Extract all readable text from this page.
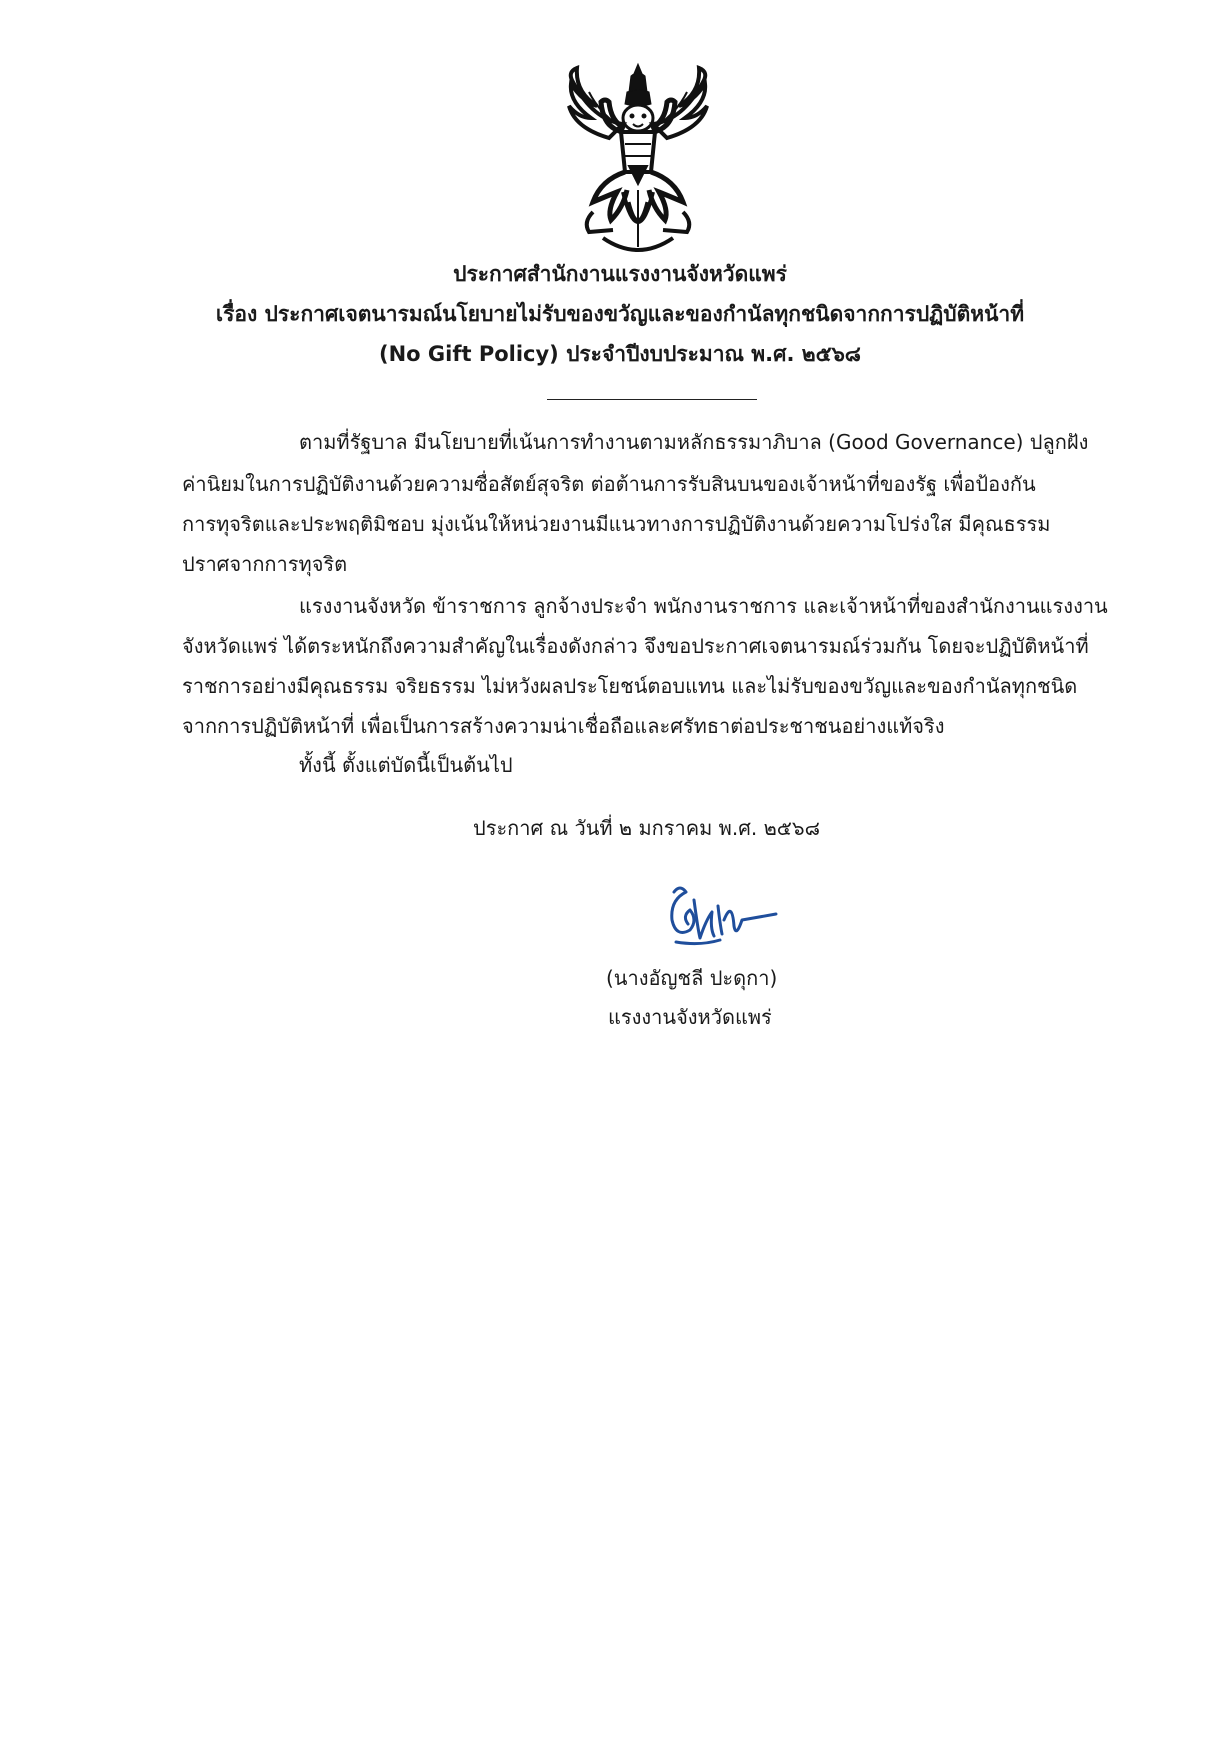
ประกาศสำนักงานแรงงานจังหวัดแพร่
เรื่อง ประกาศเจตนารมณ์นโยบายไม่รับของขวัญและของกำนัลทุกชนิดจากการปฏิบัติหน้าที่
(No Gift Policy) ประจำปีงบประมาณ พ.ศ. ๒๕๖๘
ตามที่รัฐบาล มีนโยบายที่เน้นการทำงานตามหลักธรรมาภิบาล (Good Governance) ปลูกฝัง
ค่านิยมในการปฏิบัติงานด้วยความซื่อสัตย์สุจริต ต่อต้านการรับสินบนของเจ้าหน้าที่ของรัฐ เพื่อป้องกัน
การทุจริตและประพฤติมิชอบ มุ่งเน้นให้หน่วยงานมีแนวทางการปฏิบัติงานด้วยความโปร่งใส มีคุณธรรม
ปราศจากการทุจริต
แรงงานจังหวัด ข้าราชการ ลูกจ้างประจำ พนักงานราชการ และเจ้าหน้าที่ของสำนักงานแรงงาน
จังหวัดแพร่ ได้ตระหนักถึงความสำคัญในเรื่องดังกล่าว จึงขอประกาศเจตนารมณ์ร่วมกัน โดยจะปฏิบัติหน้าที่
ราชการอย่างมีคุณธรรม จริยธรรม ไม่หวังผลประโยชน์ตอบแทน และไม่รับของขวัญและของกำนัลทุกชนิด
จากการปฏิบัติหน้าที่ เพื่อเป็นการสร้างความน่าเชื่อถือและศรัทธาต่อประชาชนอย่างแท้จริง
ทั้งนี้ ตั้งแต่บัดนี้เป็นต้นไป
ประกาศ ณ วันที่ ๒ มกราคม พ.ศ. ๒๕๖๘
(นางอัญชลี ปะดุกา)
แรงงานจังหวัดแพร่
